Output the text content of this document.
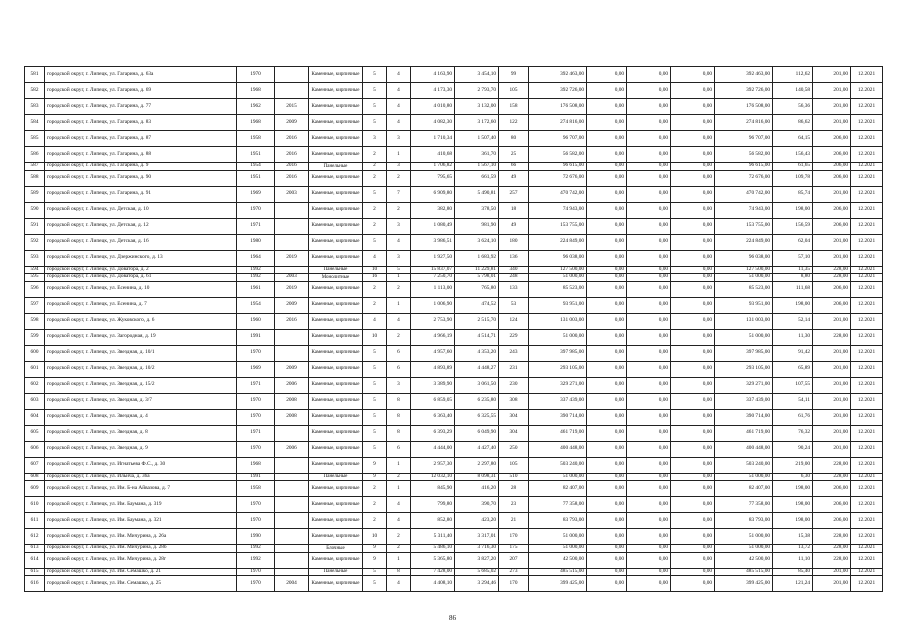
581	городской округ, г. Липецк, ул. Гагарина, д. 63а	1970		Каменные, кирпичные	5	4	4 163,90	3 454,10	99	392 463,00	0,00	0,00	0,00	392 463,00	112,62	201,00	12.2021
582	городской округ, г. Липецк, ул. Гагарина, д. 69	1968		Каменные, кирпичные	5	4	4 173,30	2 793,70	105	392 726,00	0,00	0,00	0,00	392 726,00	140,58	201,00	12.2021
583	городской округ, г. Липецк, ул. Гагарина, д. 77	1962	2015	Каменные, кирпичные	5	4	4 010,80	3 132,00	158	176 508,00	0,00	0,00	0,00	176 508,00	56,36	201,00	12.2021
584	городской округ, г. Липецк, ул. Гагарина, д. 83	1968	2009	Каменные, кирпичные	5	4	4 082,30	3 172,60	122	274 816,00	0,00	0,00	0,00	274 816,00	86,62	201,00	12.2021
585	городской округ, г. Липецк, ул. Гагарина, д. 87	1958	2016	Каменные, кирпичные	3	3	1 710,34	1 507,40	80	96 707,00	0,00	0,00	0,00	96 707,00	64,15	206,00	12.2021
586	городской округ, г. Липецк, ул. Гагарина, д. 88	1951	2016	Каменные, кирпичные	2	1	410,68	361,70	25	56 582,00	0,00	0,00	0,00	56 582,00	156,43	206,00	12.2021
587	городской округ, г. Липецк, ул. Гагарина, д. 9	1954	2016	Панельные	2	3	1 706,82	1 567,10	66	96 615,00	0,00	0,00	0,00	96 615,00	61,65	206,00	12.2021
588	городской округ, г. Липецк, ул. Гагарина, д. 90	1951	2016	Каменные, кирпичные	2	2	795,65	661,59	49	72 676,00	0,00	0,00	0,00	72 676,00	109,78	206,00	12.2021
589	городской округ, г. Липецк, ул. Гагарина, д. 91	1969	2003	Каменные, кирпичные	5	7	6 909,80	5 490,81	257	470 742,00	0,00	0,00	0,00	470 742,00	85,74	201,00	12.2021
590	городской округ, г. Липецк, ул. Детская, д. 10	1970		Каменные, кирпичные	2	2	382,80	378,50	18	74 943,00	0,00	0,00	0,00	74 943,00	198,00	206,00	12.2021
591	городской округ, г. Липецк, ул. Детская, д. 12	1971		Каменные, кирпичные	2	3	1 080,49	981,90	49	153 755,00	0,00	0,00	0,00	153 755,00	156,59	206,00	12.2021
592	городской округ, г. Липецк, ул. Детская, д. 16	1980		Каменные, кирпичные	5	4	3 986,51	3 624,10	180	224 849,00	0,00	0,00	0,00	224 849,00	62,04	201,00	12.2021
593	городской округ, г. Липецк, ул. Дзержинского, д. 13	1964	2019	Каменные, кирпичные	4	3	1 927,50	1 683,92	136	96 038,00	0,00	0,00	0,00	96 038,00	57,10	201,00	12.2021
594	городской округ, г. Липецк, ул. Доватора, д. 2	1992		Панельные	10	5	15 837,07	11 229,81	340	127 500,00	0,00	0,00	0,00	127 500,00	11,35	228,00	12.2021
595	городской округ, г. Липецк, ул. Доватора, д. 61	1992	2003	Монолитные	16	1	7 250,70	5 798,01	248	51 000,00	0,00	0,00	0,00	51 000,00	8,80	228,00	12.2021
596	городской округ, г. Липецк, ул. Есенина, д. 10	1961	2019	Каменные, кирпичные	2	2	1 113,00	765,80	133	85 523,00	0,00	0,00	0,00	85 523,00	111,68	206,00	12.2021
597	городской округ, г. Липецк, ул. Есенина, д. 7	1954	2009	Каменные, кирпичные	2	1	1 006,90	474,52	53	93 951,00	0,00	0,00	0,00	93 951,00	198,00	206,00	12.2021
598	городской округ, г. Липецк, ул. Жуковского, д. 6	1960	2016	Каменные, кирпичные	4	4	2 753,90	2 515,70	124	131 003,00	0,00	0,00	0,00	131 003,00	52,14	201,00	12.2021
599	городской округ, г. Липецк, ул. Загородная, д. 19	1991		Каменные, кирпичные	10	2	4 966,19	4 514,71	229	51 000,00	0,00	0,00	0,00	51 000,00	11,30	228,00	12.2021
600	городской округ, г. Липецк, ул. Звездная, д. 10/1	1970		Каменные, кирпичные	5	6	4 957,60	4 353,20	243	397 985,00	0,00	0,00	0,00	397 985,00	91,42	201,00	12.2021
601	городской округ, г. Липецк, ул. Звездная, д. 10/2	1969	2009	Каменные, кирпичные	5	6	4 893,89	4 448,27	231	293 105,00	0,00	0,00	0,00	293 105,00	65,89	201,00	12.2021
602	городской округ, г. Липецк, ул. Звездная, д. 15/2	1971	2006	Каменные, кирпичные	5	3	3 389,90	3 061,50	230	329 271,00	0,00	0,00	0,00	329 271,00	107,55	201,00	12.2021
603	городской округ, г. Липецк, ул. Звездная, д. 3/7	1970	2008	Каменные, кирпичные	5	8	6 859,05	6 235,80	308	337 439,00	0,00	0,00	0,00	337 439,00	54,11	201,00	12.2021
604	городской округ, г. Липецк, ул. Звездная, д. 4	1970	2008	Каменные, кирпичные	5	8	6 363,40	6 325,55	304	390 714,00	0,00	0,00	0,00	390 714,00	61,76	201,00	12.2021
605	городской округ, г. Липецк, ул. Звездная, д. 8	1971		Каменные, кирпичные	5	8	6 393,29	6 049,90	304	461 719,00	0,00	0,00	0,00	461 719,00	76,32	201,00	12.2021
606	городской округ, г. Липецк, ул. Звездная, д. 9	1970	2006	Каменные, кирпичные	5	6	4 444,00	4 427,40	250	400 448,00	0,00	0,00	0,00	400 448,00	90,24	201,00	12.2021
607	городской округ, г. Липецк, ул. Игнатьева Ф.С., д. 30	1968		Каменные, кирпичные	9	1	2 957,30	2 297,80	105	503 240,00	0,00	0,00	0,00	503 240,00	219,00	228,00	12.2021
608	городской округ, г. Липецк, ул. Ильича, д. 36а	1991		Панельные	9	2	12 032,10	8 098,31	510	51 000,00	0,00	0,00	0,00	51 000,00	6,30	228,00	12.2021
609	городской округ, г. Липецк, ул. Им. Б-на Айвазова, д. 7	1958		Каменные, кирпичные	2	1	845,90	416,20	28	82 407,00	0,00	0,00	0,00	82 407,00	198,00	206,00	12.2021
610	городской округ, г. Липецк, ул. Им. Баумана, д. 319	1970		Каменные, кирпичные	2	4	799,80	390,70	23	77 358,00	0,00	0,00	0,00	77 358,00	198,00	206,00	12.2021
611	городской округ, г. Липецк, ул. Им. Баумана, д. 321	1970		Каменные, кирпичные	2	4	852,80	423,20	21	83 793,00	0,00	0,00	0,00	83 793,00	198,00	206,00	12.2021
612	городской округ, г. Липецк, ул. Им. Мичурина, д. 26а	1990		Каменные, кирпичные	10	2	5 311,40	3 317,01	170	51 000,00	0,00	0,00	0,00	51 000,00	15,38	228,00	12.2021
613	городской округ, г. Липецк, ул. Им. Мичурина, д. 28б	1992		Блочные	9	2	5 486,10	3 716,30	175	51 000,00	0,00	0,00	0,00	51 000,00	13,72	228,00	12.2021
614	городской округ, г. Липецк, ул. Им. Мичурина, д. 28г	1992		Каменные, кирпичные	9	1	5 365,80	3 827,20	207	42 500,00	0,00	0,00	0,00	42 500,00	11,10	228,00	12.2021
615	городской округ, г. Липецк, ул. Им. Семашко, д. 21	1970		Панельные	5	8	7 428,00	5 685,02	273	485 515,00	0,00	0,00	0,00	485 515,00	85,40	201,00	12.2021
616	городской округ, г. Липецк, ул. Им. Семашко, д. 25	1970	2004	Каменные, кирпичные	5	4	4 408,10	3 294,46	170	399 425,00	0,00	0,00	0,00	399 425,00	121,24	201,00	12.2021
86
